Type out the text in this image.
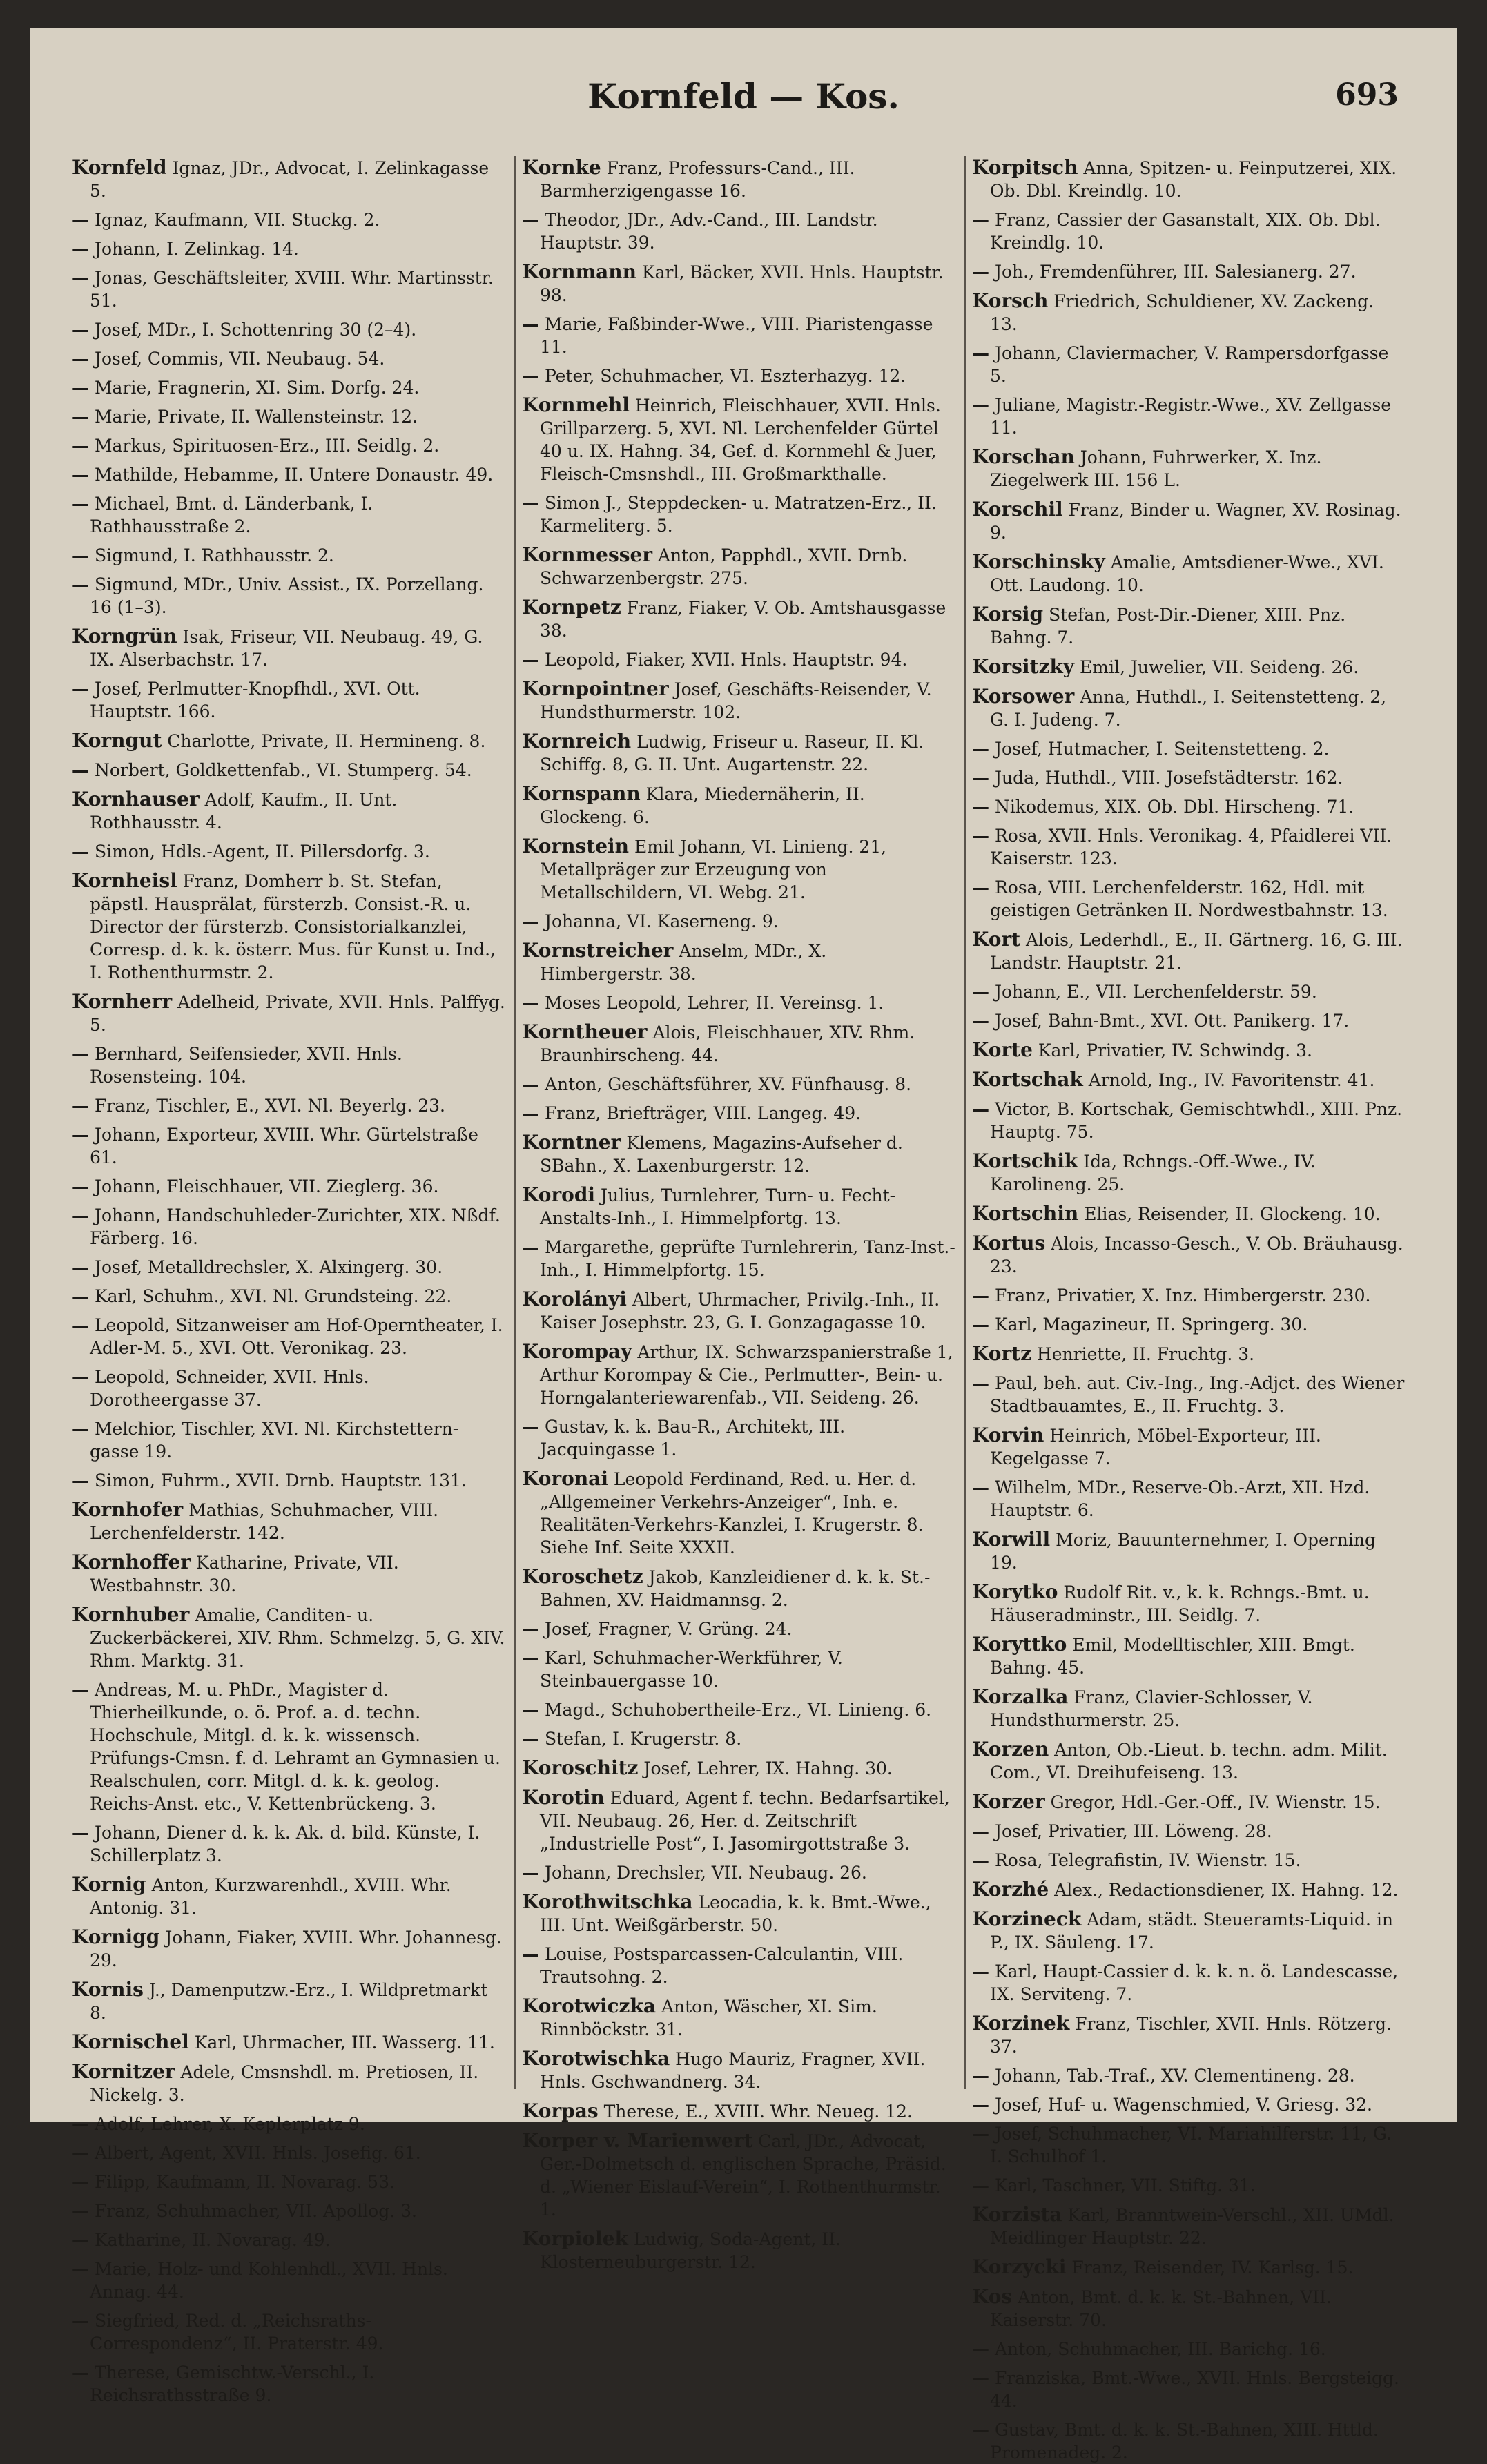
Kornfeld — Kos.	693
Kornfeld Ignaz, JDr., Advocat, I. Zelinkagasse 5.
— Ignaz, Kaufmann, VII. Stuckg. 2.
— Johann, I. Zelinkag. 14.
— Jonas, Geschäftsleiter, XVIII. Whr. Martinsstr. 51.
— Josef, MDr., I. Schottenring 30 (2–4).
— Josef, Commis, VII. Neubaug. 54.
— Marie, Fragnerin, XI. Sim. Dorfg. 24.
— Marie, Private, II. Wallensteinstr. 12.
— Markus, Spirituosen-Erz., III. Seidlg. 2.
— Mathilde, Hebamme, II. Untere Donaustr. 49.
— Michael, Bmt. d. Länderbank, I. Rathhausstraße 2.
— Sigmund, I. Rathhausstr. 2.
— Sigmund, MDr., Univ. Assist., IX. Porzellang. 16 (1–3).
Korngrün Isak, Friseur, VII. Neubaug. 49, G. IX. Alserbachstr. 17.
— Josef, Perlmutter-Knopfhdl., XVI. Ott. Hauptstr. 166.
Korngut Charlotte, Private, II. Hermineng. 8.
— Norbert, Goldkettenfab., VI. Stumperg. 54.
Kornhauser Adolf, Kaufm., II. Unt. Rothhausstr. 4.
— Simon, Hdls.-Agent, II. Pillersdorfg. 3.
Kornheisl Franz, Domherr b. St. Stefan, päpstl. Hausprälat, fürsterzb. Consist.-R. u. Director der fürsterzb. Consistorialkanzlei, Corresp. d. k. k. österr. Mus. für Kunst u. Ind., I. Rothenthurmstr. 2.
Kornherr Adelheid, Private, XVII. Hnls. Palffyg. 5.
— Bernhard, Seifensieder, XVII. Hnls. Rosensteing. 104.
— Franz, Tischler, E., XVI. Nl. Beyerlg. 23.
— Johann, Exporteur, XVIII. Whr. Gürtelstraße 61.
— Johann, Fleischhauer, VII. Zieglerg. 36.
— Johann, Handschuhleder-Zurichter, XIX. Nßdf. Färberg. 16.
— Josef, Metalldrechsler, X. Alxingerg. 30.
— Karl, Schuhm., XVI. Nl. Grundsteing. 22.
— Leopold, Sitzanweiser am Hof-Operntheater, I. Adler-M. 5., XVI. Ott. Veronikag. 23.
— Leopold, Schneider, XVII. Hnls. Dorotheergasse 37.
— Melchior, Tischler, XVI. Nl. Kirchstettern-gasse 19.
— Simon, Fuhrm., XVII. Drnb. Hauptstr. 131.
Kornhofer Mathias, Schuhmacher, VIII. Lerchenfelderstr. 142.
Kornhoffer Katharine, Private, VII. Westbahnstr. 30.
Kornhuber Amalie, Canditen- u. Zuckerbäckerei, XIV. Rhm. Schmelzg. 5, G. XIV. Rhm. Marktg. 31.
— Andreas, M. u. PhDr., Magister d. Thierheilkunde, o. ö. Prof. a. d. techn. Hochschule, Mitgl. d. k. k. wissensch. Prüfungs-Cmsn. f. d. Lehramt an Gymnasien u. Realschulen, corr. Mitgl. d. k. k. geolog. Reichs-Anst. etc., V. Kettenbrückeng. 3.
— Johann, Diener d. k. k. Ak. d. bild. Künste, I. Schillerplatz 3.
Kornig Anton, Kurzwarenhdl., XVIII. Whr. Antonig. 31.
Kornigg Johann, Fiaker, XVIII. Whr. Johannesg. 29.
Kornis J., Damenputzw.-Erz., I. Wildpretmarkt 8.
Kornischel Karl, Uhrmacher, III. Wasserg. 11.
Kornitzer Adele, Cmsnshdl. m. Pretiosen, II. Nickelg. 3.
— Adolf, Lehrer, X. Keplerplatz 9.
— Albert, Agent, XVII. Hnls. Josefig. 61.
— Filipp, Kaufmann, II. Novarag. 53.
— Franz, Schuhmacher, VII. Apollog. 3.
— Katharine, II. Novarag. 49.
— Marie, Holz- und Kohlenhdl., XVII. Hnls. Annag. 44.
— Siegfried, Red. d. „Reichsraths-Correspondenz“, II. Praterstr. 49.
— Therese, Gemischtw.-Verschl., I. Reichsrathsstraße 9.
Kornke Franz, Professurs-Cand., III. Barmherzigengasse 16.
— Theodor, JDr., Adv.-Cand., III. Landstr. Hauptstr. 39.
Kornmann Karl, Bäcker, XVII. Hnls. Hauptstr. 98.
— Marie, Faßbinder-Wwe., VIII. Piaristengasse 11.
— Peter, Schuhmacher, VI. Eszterhazyg. 12.
Kornmehl Heinrich, Fleischhauer, XVII. Hnls. Grillparzerg. 5, XVI. Nl. Lerchenfelder Gürtel 40 u. IX. Hahng. 34, Gef. d. Kornmehl & Juer, Fleisch-Cmsnshdl., III. Großmarkthalle.
— Simon J., Steppdecken- u. Matratzen-Erz., II. Karmeliterg. 5.
Kornmesser Anton, Papphdl., XVII. Drnb. Schwarzenbergstr. 275.
Kornpetz Franz, Fiaker, V. Ob. Amtshausgasse 38.
— Leopold, Fiaker, XVII. Hnls. Hauptstr. 94.
Kornpointner Josef, Geschäfts-Reisender, V. Hundsthurmerstr. 102.
Kornreich Ludwig, Friseur u. Raseur, II. Kl. Schiffg. 8, G. II. Unt. Augartenstr. 22.
Kornspann Klara, Miedernäherin, II. Glockeng. 6.
Kornstein Emil Johann, VI. Linieng. 21, Metallpräger zur Erzeugung von Metallschildern, VI. Webg. 21.
— Johanna, VI. Kaserneng. 9.
Kornstreicher Anselm, MDr., X. Himbergerstr. 38.
— Moses Leopold, Lehrer, II. Vereinsg. 1.
Korntheuer Alois, Fleischhauer, XIV. Rhm. Braunhirscheng. 44.
— Anton, Geschäftsführer, XV. Fünfhausg. 8.
— Franz, Briefträger, VIII. Langeg. 49.
Korntner Klemens, Magazins-Aufseher d. SBahn., X. Laxenburgerstr. 12.
Korodi Julius, Turnlehrer, Turn- u. Fecht-Anstalts-Inh., I. Himmelpfortg. 13.
— Margarethe, geprüfte Turnlehrerin, Tanz-Inst.-Inh., I. Himmelpfortg. 15.
Korolányi Albert, Uhrmacher, Privilg.-Inh., II. Kaiser Josephstr. 23, G. I. Gonzagagasse 10.
Korompay Arthur, IX. Schwarzspanierstraße 1, Arthur Korompay & Cie., Perlmutter-, Bein- u. Horngalanteriewarenfab., VII. Seideng. 26.
— Gustav, k. k. Bau-R., Architekt, III. Jacquingasse 1.
Koronai Leopold Ferdinand, Red. u. Her. d. „Allgemeiner Verkehrs-Anzeiger“, Inh. e. Realitäten-Verkehrs-Kanzlei, I. Krugerstr. 8. Siehe Inf. Seite XXXII.
Koroschetz Jakob, Kanzleidiener d. k. k. St.-Bahnen, XV. Haidmannsg. 2.
— Josef, Fragner, V. Grüng. 24.
— Karl, Schuhmacher-Werkführer, V. Steinbauergasse 10.
— Magd., Schuhobertheile-Erz., VI. Linieng. 6.
— Stefan, I. Krugerstr. 8.
Koroschitz Josef, Lehrer, IX. Hahng. 30.
Korotin Eduard, Agent f. techn. Bedarfsartikel, VII. Neubaug. 26, Her. d. Zeitschrift „Industrielle Post“, I. Jasomirgottstraße 3.
— Johann, Drechsler, VII. Neubaug. 26.
Korothwitschka Leocadia, k. k. Bmt.-Wwe., III. Unt. Weißgärberstr. 50.
— Louise, Postsparcassen-Calculantin, VIII. Trautsohng. 2.
Korotwiczka Anton, Wäscher, XI. Sim. Rinnböckstr. 31.
Korotwischka Hugo Mauriz, Fragner, XVII. Hnls. Gschwandnerg. 34.
Korpas Therese, E., XVIII. Whr. Neueg. 12.
Korper v. Marienwert Carl, JDr., Advocat, Ger.-Dolmetsch d. englischen Sprache, Präsid. d. „Wiener Eislauf-Verein“, I. Rothenthurmstr. 1.
Korpiolek Ludwig, Soda-Agent, II. Klosterneuburgerstr. 12.
Korpitsch Anna, Spitzen- u. Feinputzerei, XIX. Ob. Dbl. Kreindlg. 10.
— Franz, Cassier der Gasanstalt, XIX. Ob. Dbl. Kreindlg. 10.
— Joh., Fremdenführer, III. Salesianerg. 27.
Korsch Friedrich, Schuldiener, XV. Zackeng. 13.
— Johann, Claviermacher, V. Rampersdorfgasse 5.
— Juliane, Magistr.-Registr.-Wwe., XV. Zellgasse 11.
Korschan Johann, Fuhrwerker, X. Inz. Ziegelwerk III. 156 L.
Korschil Franz, Binder u. Wagner, XV. Rosinag. 9.
Korschinsky Amalie, Amtsdiener-Wwe., XVI. Ott. Laudong. 10.
Korsig Stefan, Post-Dir.-Diener, XIII. Pnz. Bahng. 7.
Korsitzky Emil, Juwelier, VII. Seideng. 26.
Korsower Anna, Huthdl., I. Seitenstetteng. 2, G. I. Judeng. 7.
— Josef, Hutmacher, I. Seitenstetteng. 2.
— Juda, Huthdl., VIII. Josefstädterstr. 162.
— Nikodemus, XIX. Ob. Dbl. Hirscheng. 71.
— Rosa, XVII. Hnls. Veronikag. 4, Pfaidlerei VII. Kaiserstr. 123.
— Rosa, VIII. Lerchenfelderstr. 162, Hdl. mit geistigen Getränken II. Nordwestbahnstr. 13.
Kort Alois, Lederhdl., E., II. Gärtnerg. 16, G. III. Landstr. Hauptstr. 21.
— Johann, E., VII. Lerchenfelderstr. 59.
— Josef, Bahn-Bmt., XVI. Ott. Panikerg. 17.
Korte Karl, Privatier, IV. Schwindg. 3.
Kortschak Arnold, Ing., IV. Favoritenstr. 41.
— Victor, B. Kortschak, Gemischtwhdl., XIII. Pnz. Hauptg. 75.
Kortschik Ida, Rchngs.-Off.-Wwe., IV. Karolineng. 25.
Kortschin Elias, Reisender, II. Glockeng. 10.
Kortus Alois, Incasso-Gesch., V. Ob. Bräuhausg. 23.
— Franz, Privatier, X. Inz. Himbergerstr. 230.
— Karl, Magazineur, II. Springerg. 30.
Kortz Henriette, II. Fruchtg. 3.
— Paul, beh. aut. Civ.-Ing., Ing.-Adjct. des Wiener Stadtbauamtes, E., II. Fruchtg. 3.
Korvin Heinrich, Möbel-Exporteur, III. Kegelgasse 7.
— Wilhelm, MDr., Reserve-Ob.-Arzt, XII. Hzd. Hauptstr. 6.
Korwill Moriz, Bauunternehmer, I. Operning 19.
Korytko Rudolf Rit. v., k. k. Rchngs.-Bmt. u. Häuseradminstr., III. Seidlg. 7.
Koryttko Emil, Modelltischler, XIII. Bmgt. Bahng. 45.
Korzalka Franz, Clavier-Schlosser, V. Hundsthurmerstr. 25.
Korzen Anton, Ob.-Lieut. b. techn. adm. Milit. Com., VI. Dreihufeiseng. 13.
Korzer Gregor, Hdl.-Ger.-Off., IV. Wienstr. 15.
— Josef, Privatier, III. Löweng. 28.
— Rosa, Telegrafistin, IV. Wienstr. 15.
Korzhé Alex., Redactionsdiener, IX. Hahng. 12.
Korzineck Adam, städt. Steueramts-Liquid. in P., IX. Säuleng. 17.
— Karl, Haupt-Cassier d. k. k. n. ö. Landescasse, IX. Serviteng. 7.
Korzinek Franz, Tischler, XVII. Hnls. Rötzerg. 37.
— Johann, Tab.-Traf., XV. Clementineng. 28.
— Josef, Huf- u. Wagenschmied, V. Griesg. 32.
— Josef, Schuhmacher, VI. Mariahilferstr. 11, G. I. Schulhof 1.
— Karl, Taschner, VII. Stiftg. 31.
Korzista Karl, Branntwein-Verschl., XII. UMdl. Meidlinger Hauptstr. 22.
Korzycki Franz, Reisender, IV. Karlsg. 15.
Kos Anton, Bmt. d. k. k. St.-Bahnen, VII. Kaiserstr. 70.
— Anton, Schuhmacher, III. Barichg. 16.
— Franziska, Bmt.-Wwe., XVII. Hnls. Bergsteigg. 44.
— Gustav, Bmt. d. k. k. St.-Bahnen, XIII. Httld. Promenadeg. 2.
